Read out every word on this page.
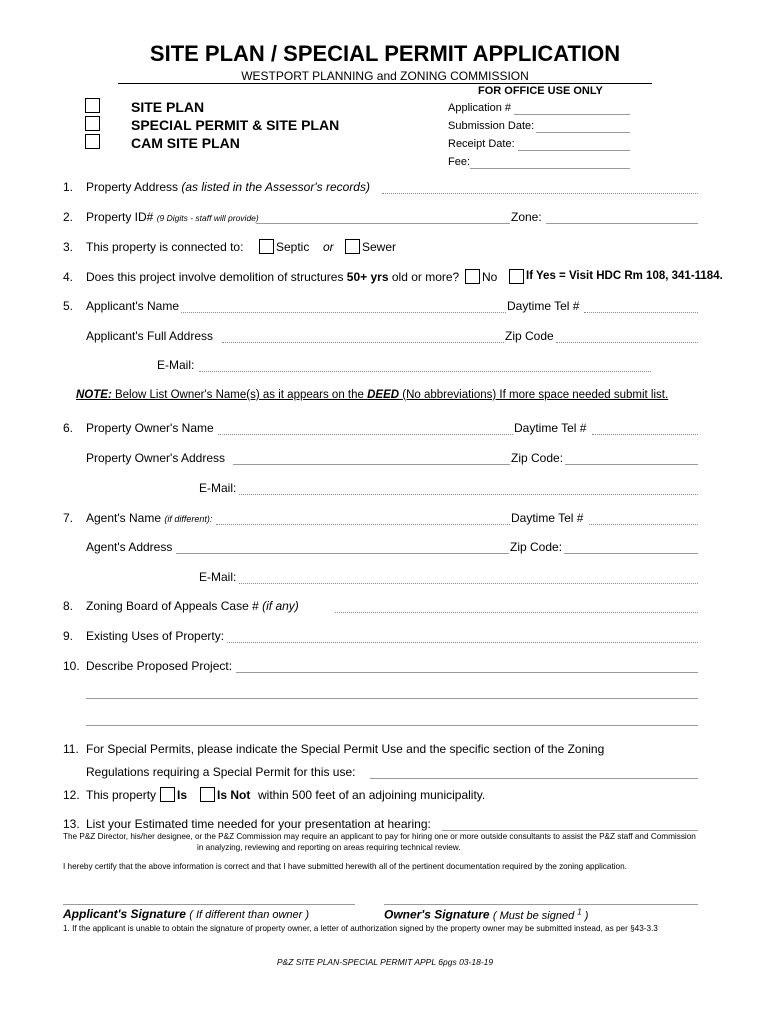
SITE PLAN / SPECIAL PERMIT APPLICATION
WESTPORT PLANNING and ZONING COMMISSION
FOR OFFICE USE ONLY
SITE PLAN
SPECIAL PERMIT & SITE PLAN
CAM SITE PLAN
Application #
Submission Date:
Receipt Date:
Fee:
1. Property Address (as listed in the Assessor's records)
2. Property ID# (9 Digits - staff will provide)	Zone:
3. This property is connected to:	Septic or Sewer
4. Does this project involve demolition of structures 50+ yrs old or more? No If Yes = Visit HDC Rm 108, 341-1184.
5. Applicant's Name	Daytime Tel #
Applicant's Full Address	Zip Code
E-Mail:
NOTE: Below List Owner's Name(s) as it appears on the DEED (No abbreviations) If more space needed submit list.
6. Property Owner's Name	Daytime Tel #
Property Owner's Address	Zip Code:
E-Mail:
7. Agent's Name (if different):	Daytime Tel #
Agent's Address	Zip Code:
E-Mail:
8. Zoning Board of Appeals Case # (if any)
9. Existing Uses of Property:
10. Describe Proposed Project:
11. For Special Permits, please indicate the Special Permit Use and the specific section of the Zoning
Regulations requiring a Special Permit for this use:
12. This property Is Is Not within 500 feet of an adjoining municipality.
13. List your Estimated time needed for your presentation at hearing:
The P&Z Director, his/her designee, or the P&Z Commission may require an applicant to pay for hiring one or more outside consultants to assist the P&Z staff and Commission
in analyzing, reviewing and reporting on areas requiring technical review.
I hereby certify that the above information is correct and that I have submitted herewith all of the pertinent documentation required by the zoning application.
Applicant's Signature ( If different than owner )	Owner's Signature ( Must be signed $^1$ )
1. If the applicant is unable to obtain the signature of property owner, a letter of authorization signed by the property owner may be submitted instead, as per §43-3.3
P&Z SITE PLAN-SPECIAL PERMIT APPL 6pgs 03-18-19
